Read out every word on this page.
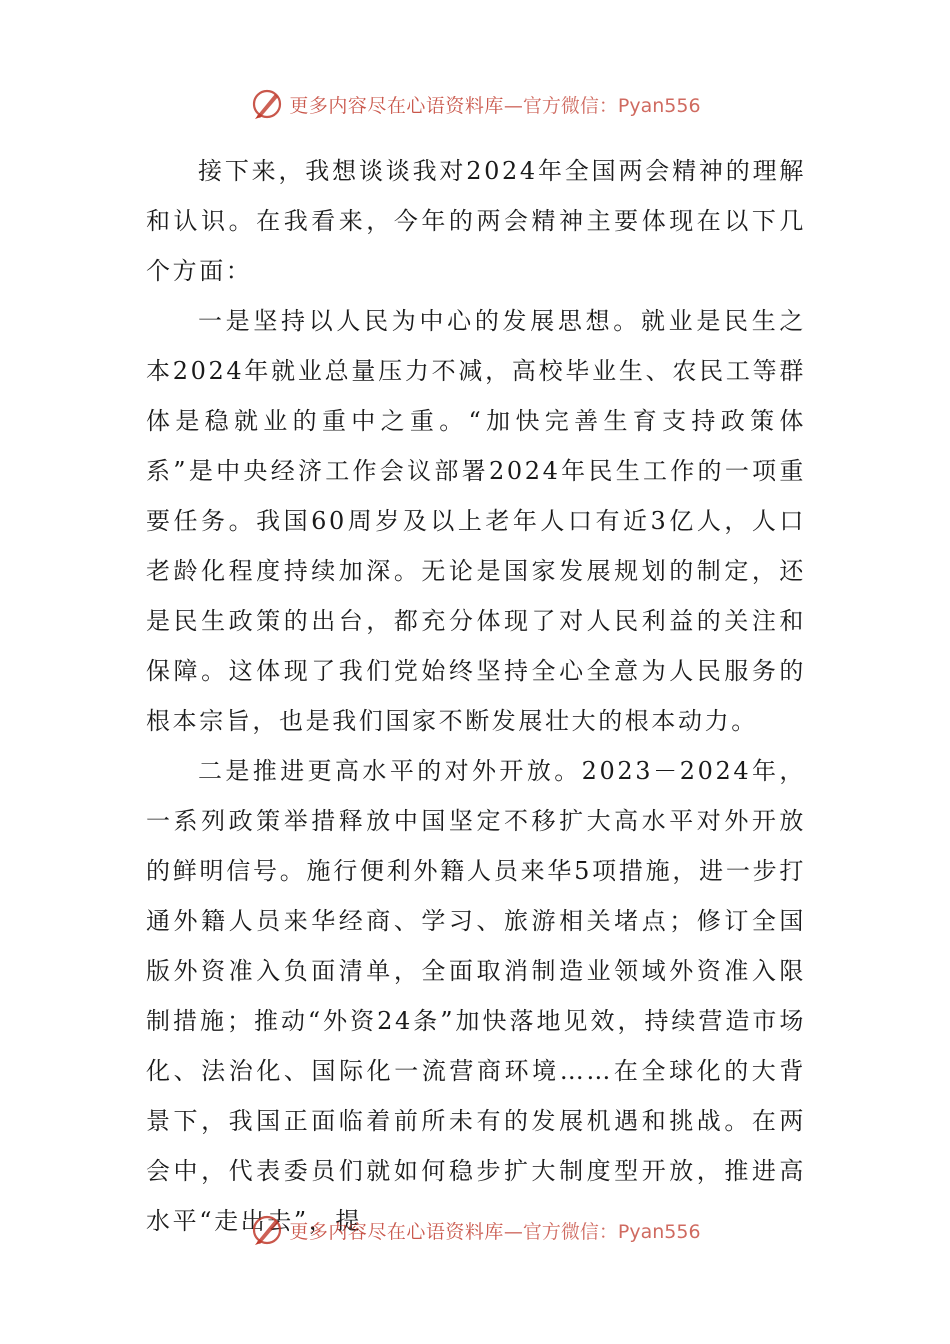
更多内容尽在心语资料库 —官方微信：Pyan556

接下来，我想谈谈我对2024年全国两会精神的理解和认识。在我看来，今年的两会精神主要体现在以下几个方面：

一是坚持以人民为中心的发展思想。就业是民生之本2024年就业总量压力不减，高校毕业生、农民工等群体是稳就业的重中之重。“加快完善生育支持政策体系”是中央经济工作会议部署2024年民生工作的一项重要任务。我国60周岁及以上老年人口有近3亿人，人口老龄化程度持续加深。无论是国家发展规划的制定，还是民生政策的出台，都充分体现了对人民利益的关注和保障。这体现了我们党始终坚持全心全意为人民服务的根本宗旨，也是我们国家不断发展壮大的根本动力。

二是推进更高水平的对外开放。2023－2024年，一系列政策举措释放中国坚定不移扩大高水平对外开放的鲜明信号。施行便利外籍人员来华5项措施，进一步打通外籍人员来华经商、学习、旅游相关堵点；修订全国版外资准入负面清单，全面取消制造业领域外资准入限制措施；推动“外资24条”加快落地见效，持续营造市场化、法治化、国际化一流营商环境……在全球化的大背景下，我国正面临着前所未有的发展机遇和挑战。在两会中，代表委员们就如何稳步扩大制度型开放，推进高水平“走出去”，提

更多内容尽在心语资料库 —官方微信：Pyan556
